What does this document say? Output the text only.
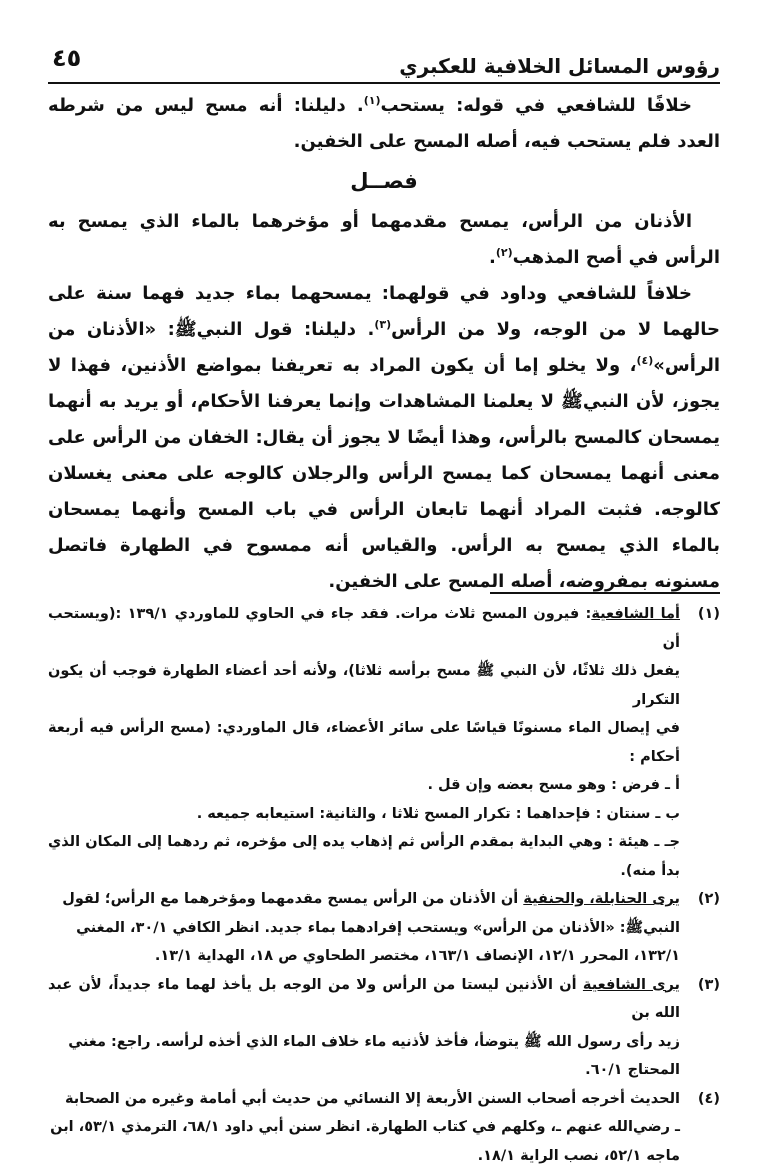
رؤوس المسائل الخلافية للعكبري
٤٥

خلافًا للشافعي في قوله: يستحب$^{(١)}$. دليلنا: أنه مسح ليس من شرطه العدد فلم يستحب فيه، أصله المسح على الخفين.

فصــل

الأذنان من الرأس، يمسح مقدمهما أو مؤخرهما بالماء الذي يمسح به الرأس في أصح المذهب$^{(٢)}$.

خلافاً للشافعي وداود في قولهما: يمسحهما بماء جديد فهما سنة على حالهما لا من الوجه، ولا من الرأس$^{(٣)}$. دليلنا: قول النبيﷺ: «الأذنان من الرأس»$^{(٤)}$، ولا يخلو إما أن يكون المراد به تعريفنا بمواضع الأذنين، فهذا لا يجوز، لأن النبيﷺ لا يعلمنا المشاهدات وإنما يعرفنا الأحكام، أو يريد به أنهما يمسحان كالمسح بالرأس، وهذا أيضًا لا يجوز أن يقال: الخفان من الرأس على معنى أنهما يمسحان كما يمسح الرأس والرجلان كالوجه على معنى يغسلان كالوجه. فثبت المراد أنهما تابعان الرأس في باب المسح وأنهما يمسحان بالماء الذي يمسح به الرأس. والقياس أنه ممسوح في الطهارة فاتصل مسنونه بمفروضه، أصله المسح على الخفين.

(١)
أما الشافعية: فيرون المسح ثلاث مرات. فقد جاء في الحاوي للماوردي ١٣٩/١ :(ويستحب أن
يفعل ذلك ثلاثًا، لأن النبي ﷺ مسح برأسه ثلاثا)، ولأنه أحد أعضاء الطهارة فوجب أن يكون التكرار
في إيصال الماء مسنونًا قياسًا على سائر الأعضاء، قال الماوردي: (مسح الرأس فيه أربعة أحكام :
أ ـ فرض : وهو مسح بعضه وإن قل .
ب ـ سنتان : فإحداهما : تكرار المسح ثلاثا ، والثانية: استيعابه جميعه .
جـ ـ هيئة : وهي البداية بمقدم الرأس ثم إذهاب يده إلى مؤخره، ثم ردهما إلى المكان الذي بدأ منه).
(٢)
يرى الحنابلة، والحنفية أن الأذنان من الرأس يمسح مقدمهما ومؤخرهما مع الرأس؛ لقول
النبيﷺ: «الأذنان من الرأس» ويستحب إفرادهما بماء جديد. انظر الكافي ٣٠/١، المغني
١٣٢/١، المحرر ١٢/١، الإنصاف ١٦٣/١، مختصر الطحاوي ص ١٨، الهداية ١٣/١.
(٣)
يرى الشافعية أن الأذنين ليستا من الرأس ولا من الوجه بل يأخذ لهما ماء جديداً، لأن عبد الله بن
زيد رأى رسول الله ﷺ يتوضأ، فأخذ لأذنيه ماء خلاف الماء الذي أخذه لرأسه. راجع: مغني
المحتاج ٦٠/١.
(٤)
الحديث أخرجه أصحاب السنن الأربعة إلا النسائي من حديث أبي أمامة وغيره من الصحابة
ـ رضي‌الله عنهم ـ، وكلهم في كتاب الطهارة. انظر سنن أبي داود ٦٨/١، الترمذي ٥٣/١، ابن
ماجه ٥٢/١، نصب الراية ١٨/١.
